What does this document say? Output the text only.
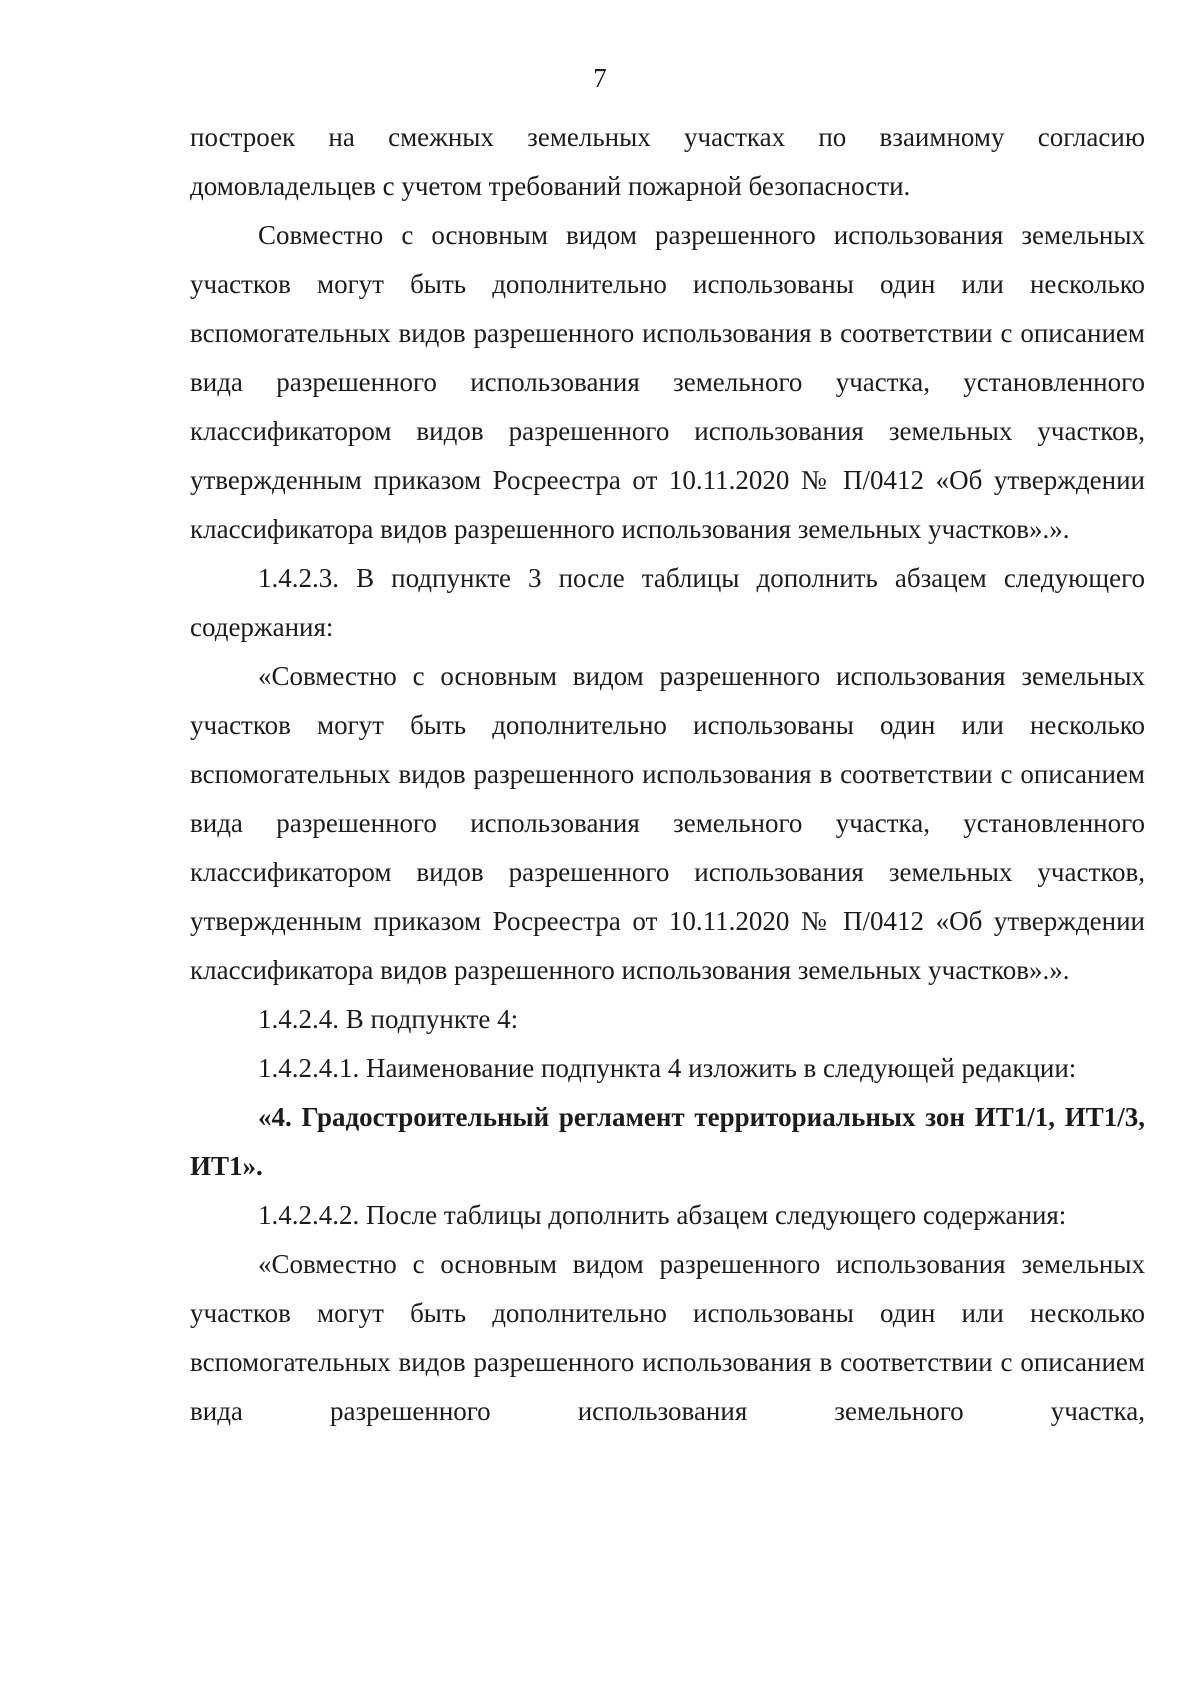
7

построек на смежных земельных участках по взаимному согласию домовладельцев с учетом требований пожарной безопасности.

Совместно с основным видом разрешенного использования земельных участков могут быть дополнительно использованы один или несколько вспомогательных видов разрешенного использования в соответствии с описанием вида разрешенного использования земельного участка, установленного классификатором видов разрешенного использования земельных участков, утвержденным приказом Росреестра от 10.11.2020 № П/0412 «Об утверждении классификатора видов разрешенного использования земельных участков».».

1.4.2.3. В подпункте 3 после таблицы дополнить абзацем следующего содержания:

«Совместно с основным видом разрешенного использования земельных участков могут быть дополнительно использованы один или несколько вспомогательных видов разрешенного использования в соответствии с описанием вида разрешенного использования земельного участка, установленного классификатором видов разрешенного использования земельных участков, утвержденным приказом Росреестра от 10.11.2020 № П/0412 «Об утверждении классификатора видов разрешенного использования земельных участков».».

1.4.2.4. В подпункте 4:

1.4.2.4.1. Наименование подпункта 4 изложить в следующей редакции:

«4. Градостроительный регламент территориальных зон ИТ1/1, ИТ1/3, ИТ1».

1.4.2.4.2. После таблицы дополнить абзацем следующего содержания:

«Совместно с основным видом разрешенного использования земельных участков могут быть дополнительно использованы один или несколько вспомогательных видов разрешенного использования в соответствии с описанием вида разрешенного использования земельного участка,
